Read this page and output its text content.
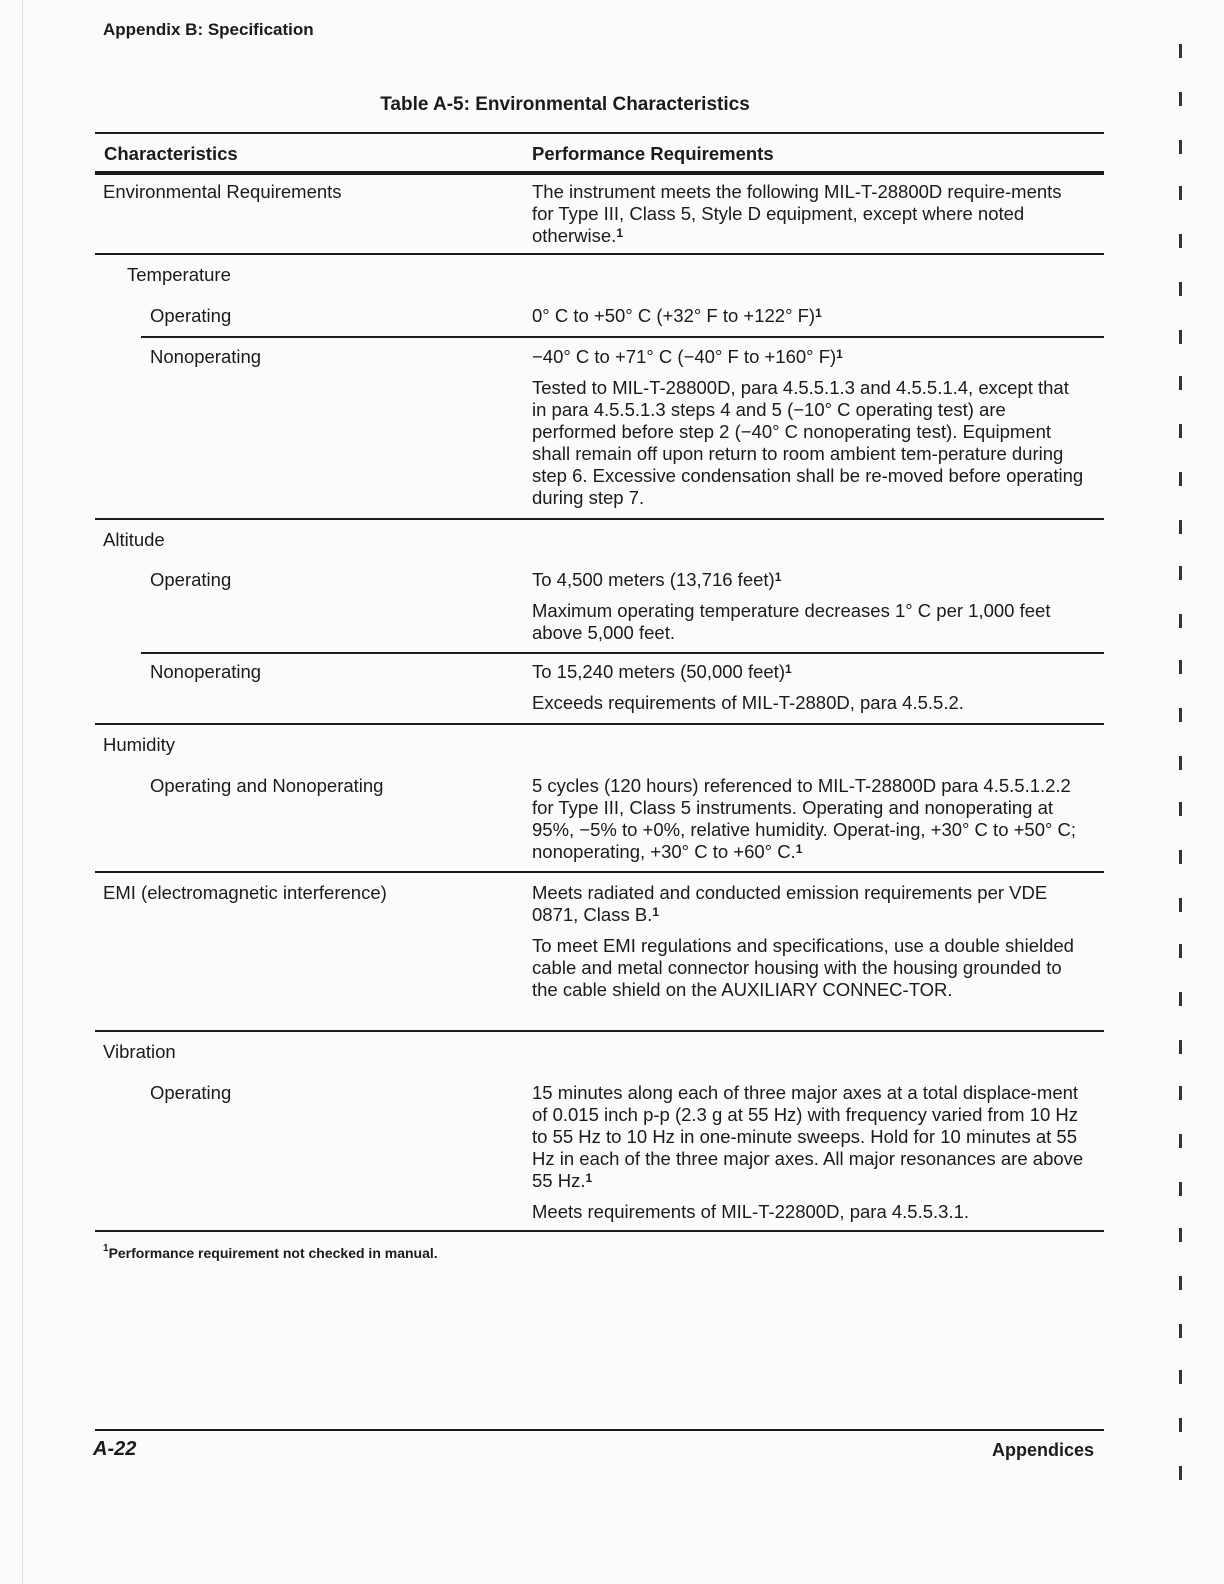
Appendix B: Specification
Table A-5: Environmental Characteristics
Characteristics	Performance Requirements
Environmental Requirements	The instrument meets the following MIL-T-28800D require-ments for Type III, Class 5, Style D equipment, except where noted otherwise.$^1$
Temperature
Operating	0° C to +50° C (+32° F to +122° F)$^1$
Nonoperating	−40° C to +71° C (−40° F to +160° F)$^1$

Tested to MIL-T-28800D, para 4.5.5.1.3 and 4.5.5.1.4, except that in para 4.5.5.1.3 steps 4 and 5 (−10° C operating test) are performed before step 2 (−40° C nonoperating test). Equipment shall remain off upon return to room ambient tem-perature during step 6. Excessive condensation shall be re-moved before operating during step 7.

Altitude
Operating	To 4,500 meters (13,716 feet)$^1$

Maximum operating temperature decreases 1° C per 1,000 feet above 5,000 feet.

Nonoperating	To 15,240 meters (50,000 feet)$^1$

Exceeds requirements of MIL-T-2880D, para 4.5.5.2.

Humidity
Operating and Nonoperating	5 cycles (120 hours) referenced to MIL-T-28800D para 4.5.5.1.2.2 for Type III, Class 5 instruments. Operating and nonoperating at 95%, −5% to +0%, relative humidity. Operat-ing, +30° C to +50° C; nonoperating, +30° C to +60° C.$^1$
EMI (electromagnetic interference)	Meets radiated and conducted emission requirements per VDE 0871, Class B.$^1$

To meet EMI regulations and specifications, use a double shielded cable and metal connector housing with the housing grounded to the cable shield on the AUXILIARY CONNEC-TOR.

Vibration
Operating	15 minutes along each of three major axes at a total displace-ment of 0.015 inch p-p (2.3 g at 55 Hz) with frequency varied from 10 Hz to 55 Hz to 10 Hz in one-minute sweeps. Hold for 10 minutes at 55 Hz in each of the three major axes. All major resonances are above 55 Hz.$^1$

Meets requirements of MIL-T-22800D, para 4.5.5.3.1.

$^1$Performance requirement not checked in manual.
A-22	Appendices
